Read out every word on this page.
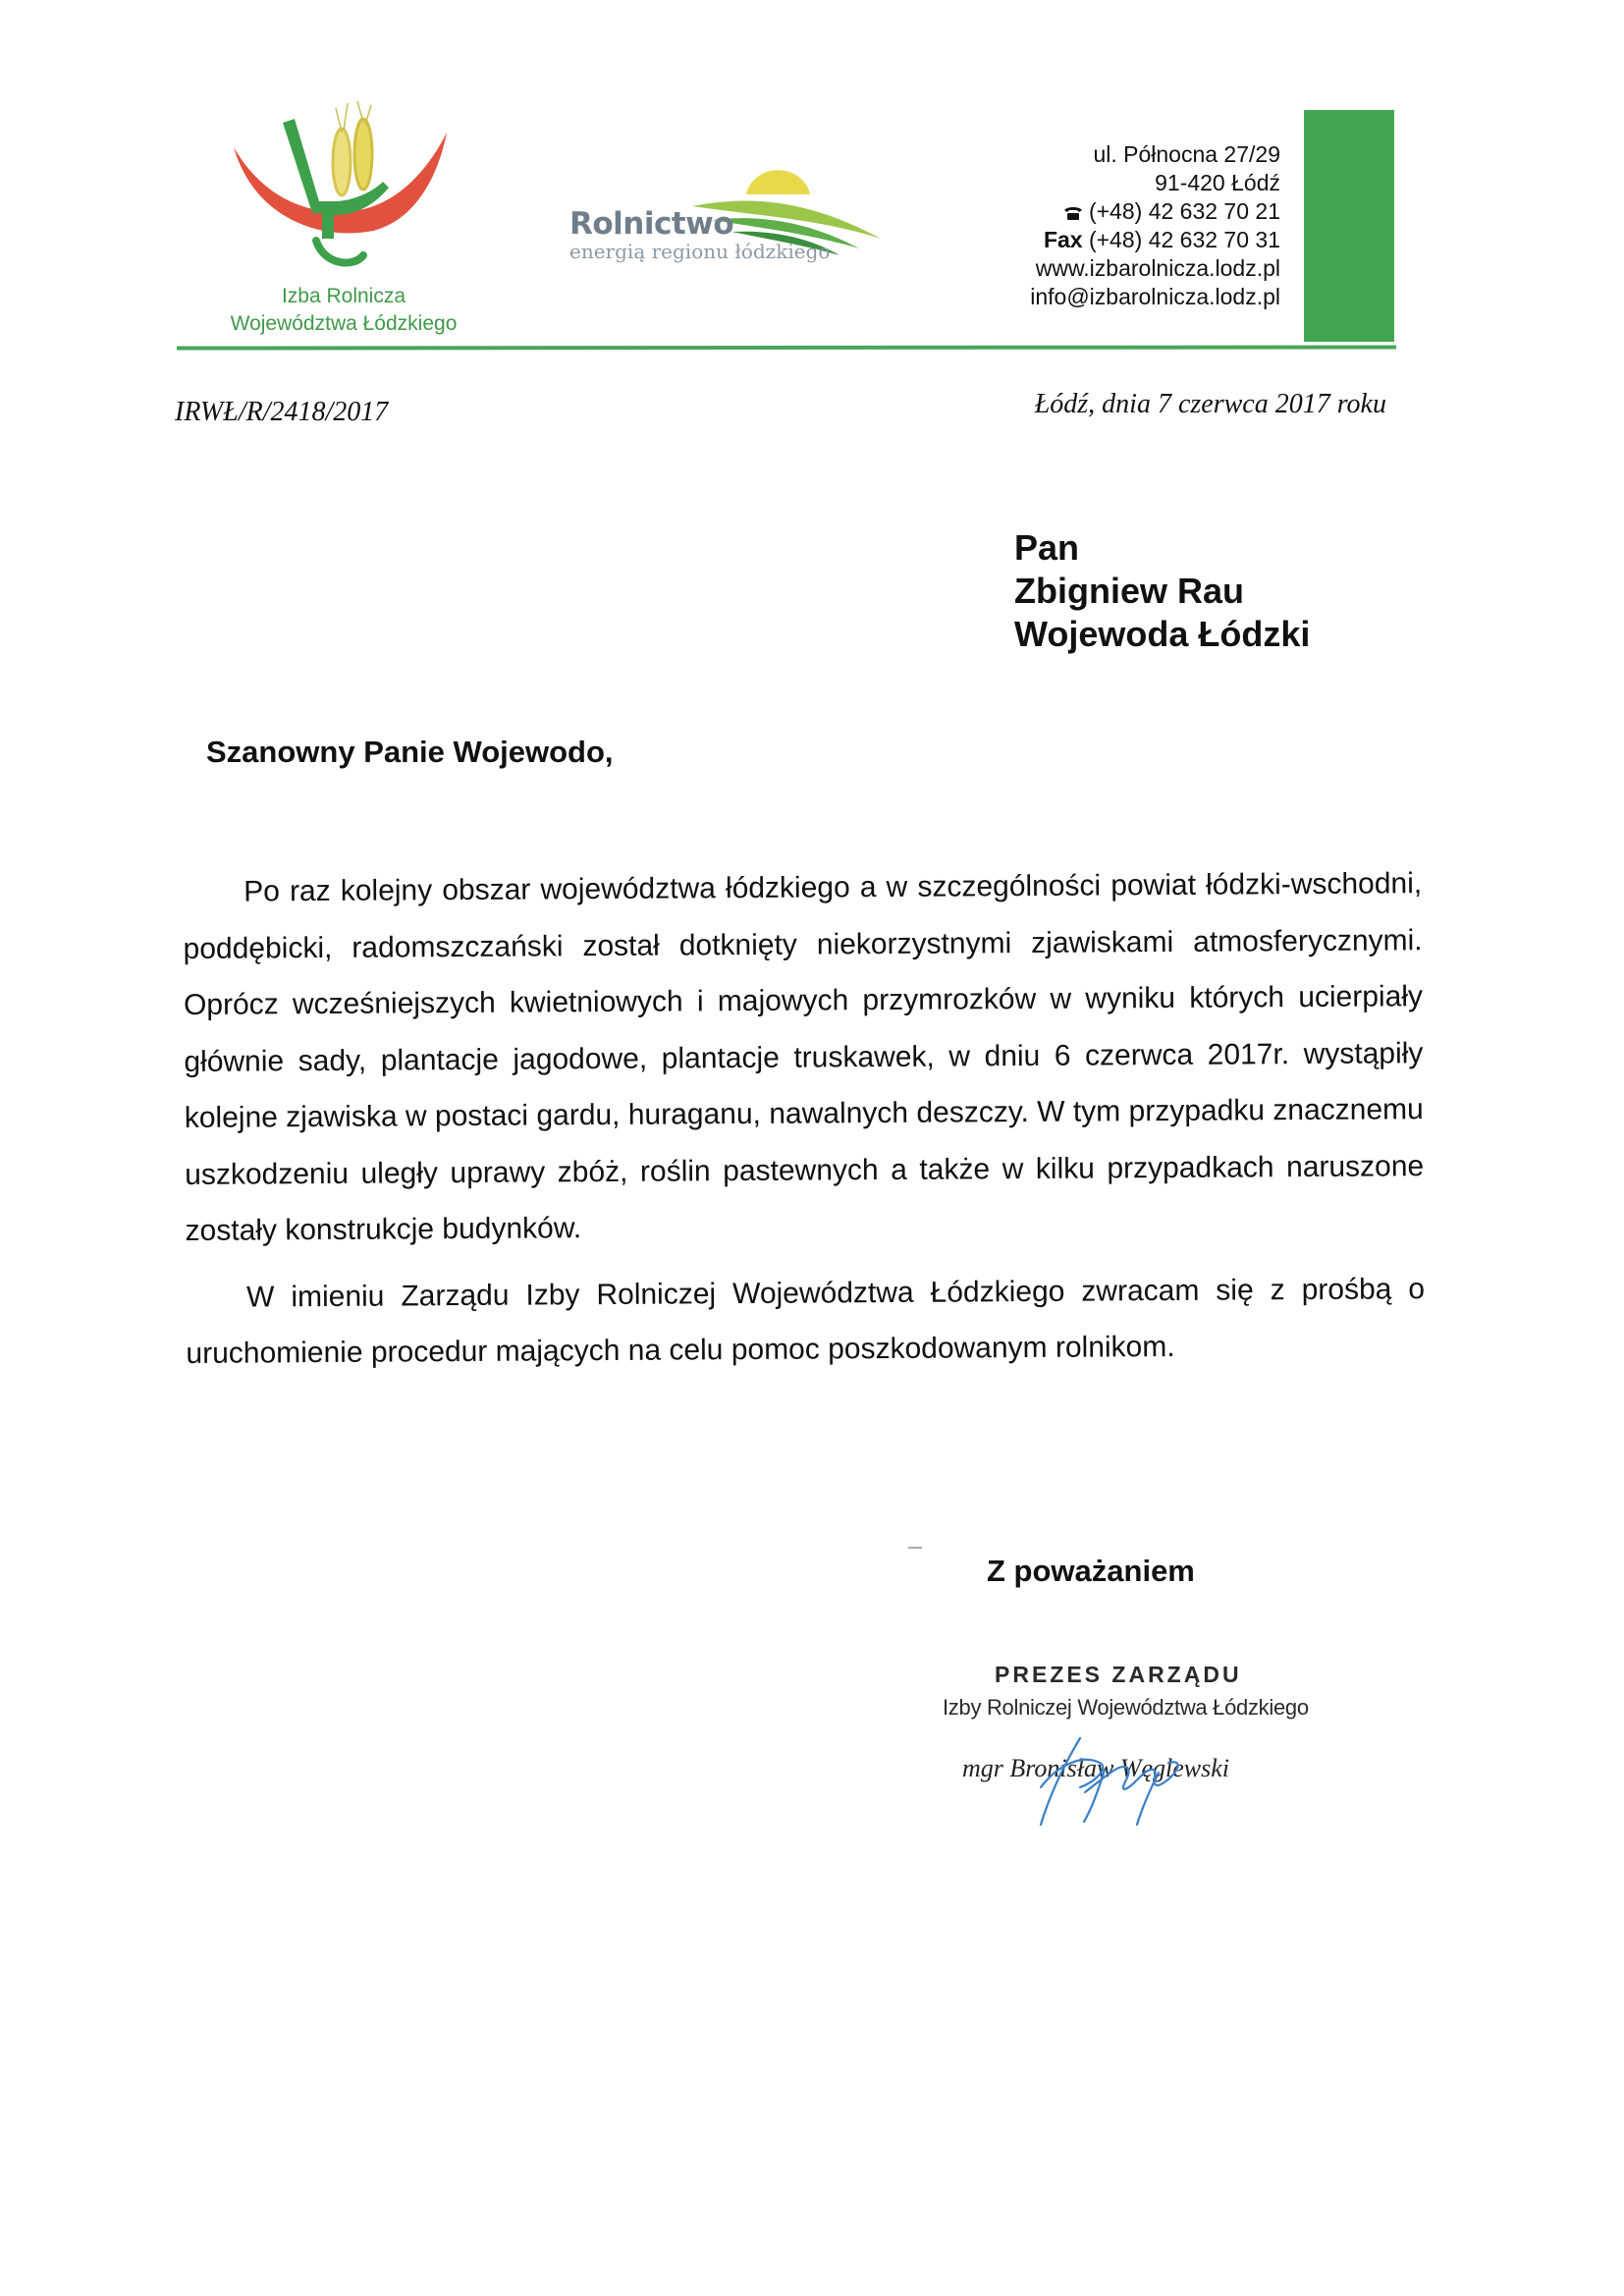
Izba Rolnicza
Województwa Łódzkiego
Rolnictwo
energią regionu łódzkiego
ul. Północna 27/29
91-420 Łódź
(+48) 42 632 70 21
Fax (+48) 42 632 70 31
www.izbarolnicza.lodz.pl
info@izbarolnicza.lodz.pl
IRWŁ/R/2418/2017	Łódź, dnia 7 czerwca 2017 roku
Pan
Zbigniew Rau
Wojewoda Łódzki
Szanowny Panie Wojewodo,

Po raz kolejny obszar województwa łódzkiego a w szczególności powiat łódzki-wschodni, poddębicki, radomszczański został dotknięty niekorzystnymi zjawiskami atmosferycznymi. Oprócz wcześniejszych kwietniowych i majowych przymrozków w wyniku których ucierpiały głównie sady, plantacje jagodowe, plantacje truskawek, w dniu 6 czerwca 2017r. wystąpiły kolejne zjawiska w postaci gardu, huraganu, nawalnych deszczy. W tym przypadku znacznemu uszkodzeniu uległy uprawy zbóż, roślin pastewnych a także w kilku przypadkach naruszone zostały konstrukcje budynków.

W imieniu Zarządu Izby Rolniczej Województwa Łódzkiego zwracam się z prośbą o uruchomienie procedur mających na celu pomoc poszkodowanym rolnikom.

Z poważaniem
PREZES ZARZĄDU
Izby Rolniczej Województwa Łódzkiego
mgr Bronisław Węglewski
